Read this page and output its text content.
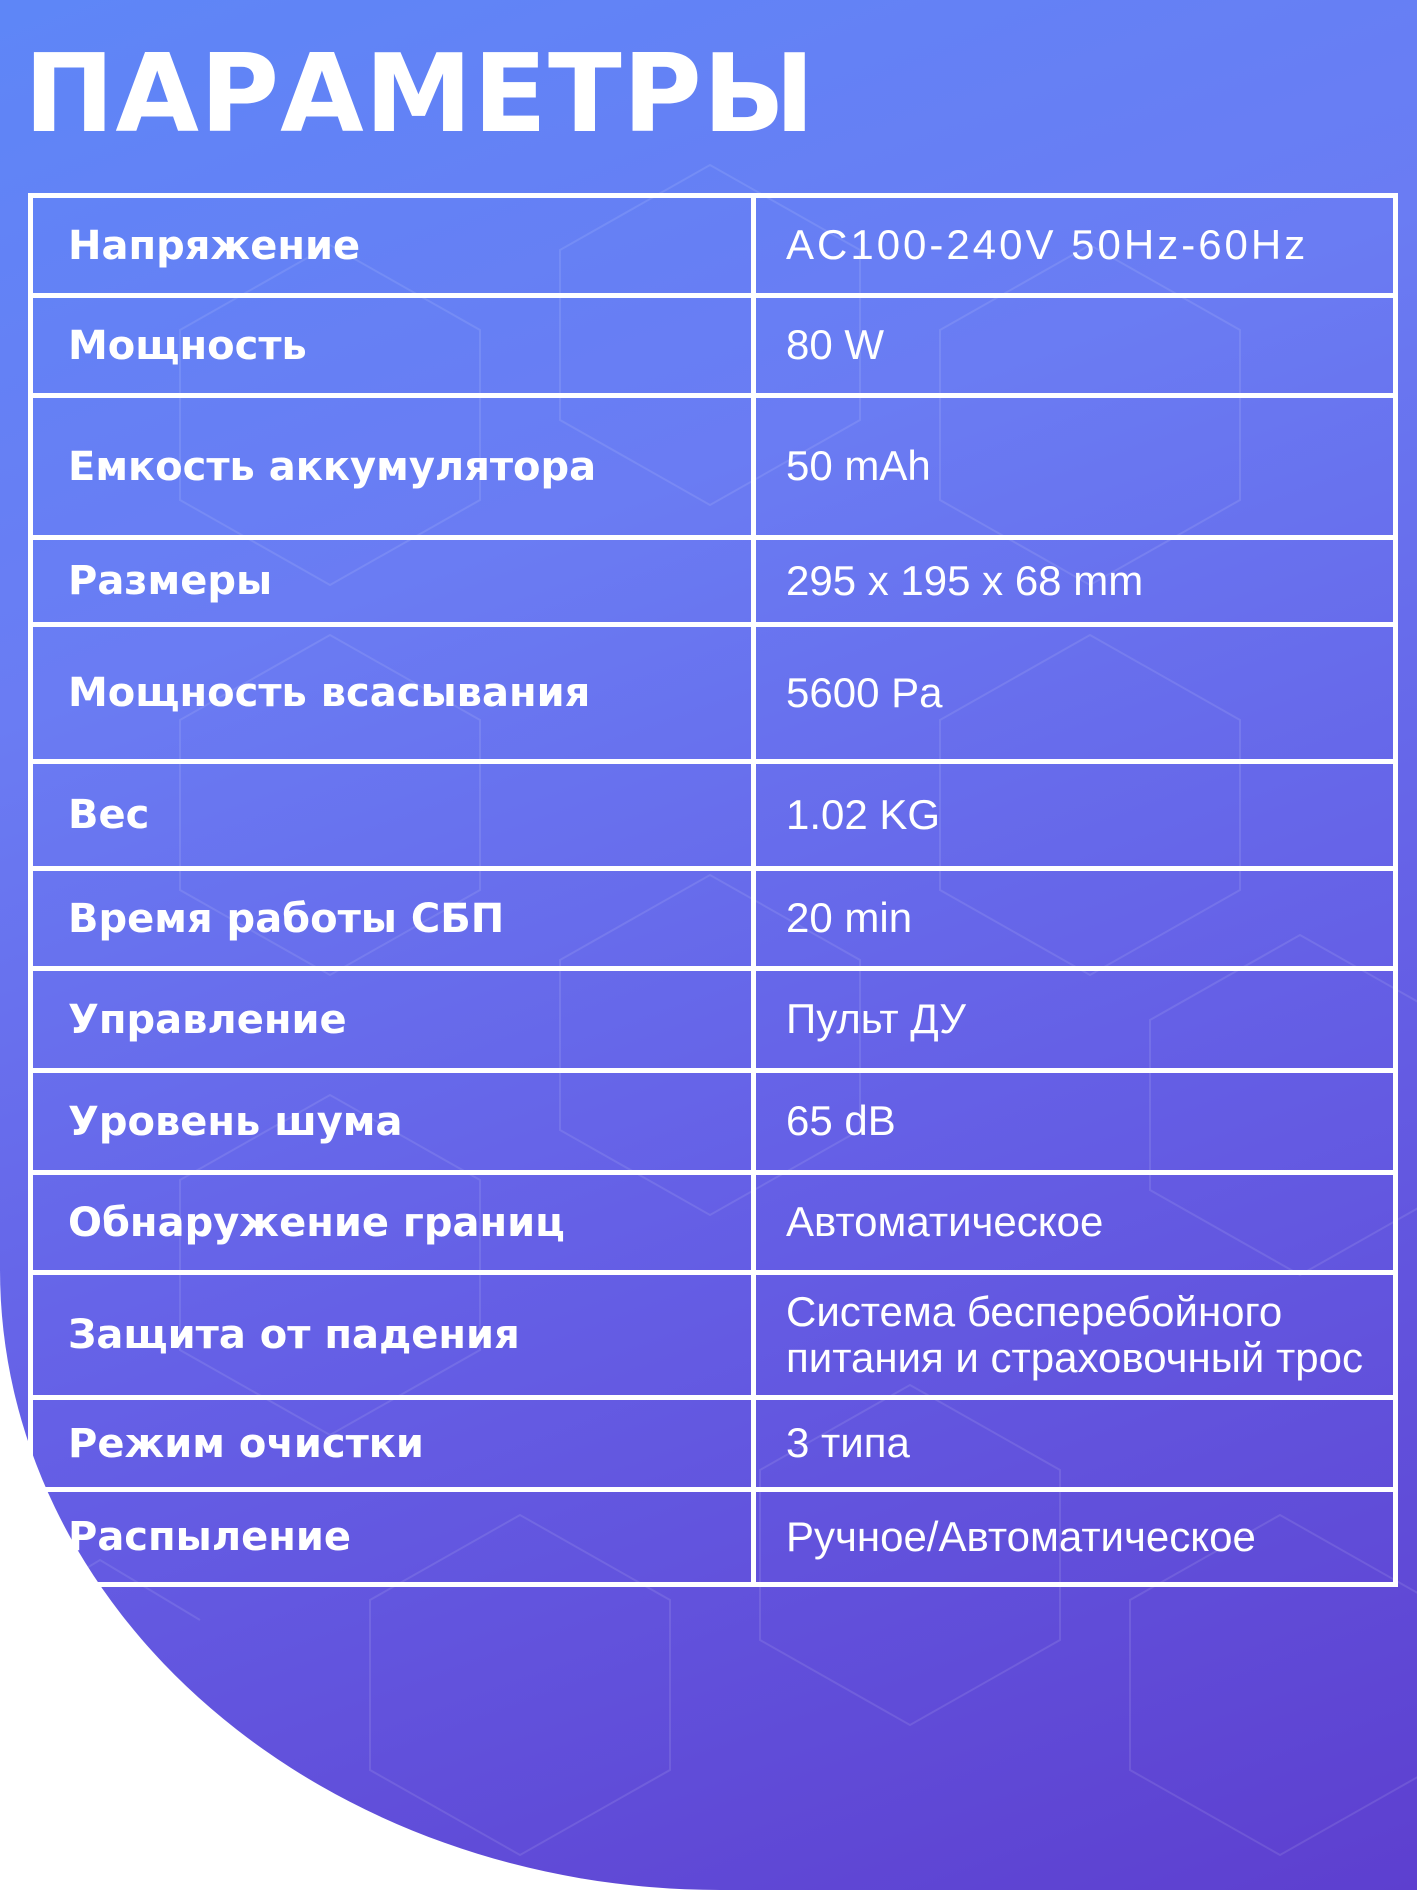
ПАРАМЕТРЫ
Напряжение	AC100-240V 50Hz-60Hz
Мощность	80 W
Емкость аккумулятора	50 mAh
Размеры	295 x 195 x 68 mm
Мощность всасывания	5600 Pa
Вес	1.02 KG
Время работы СБП	20 min
Управление	Пульт ДУ
Уровень шума	65 dB
Обнаружение границ	Автоматическое
Защита от падения	Система бесперебойного питания и страховочный трос
Режим очистки	3 типа
Распыление	Ручное/Автоматическое
